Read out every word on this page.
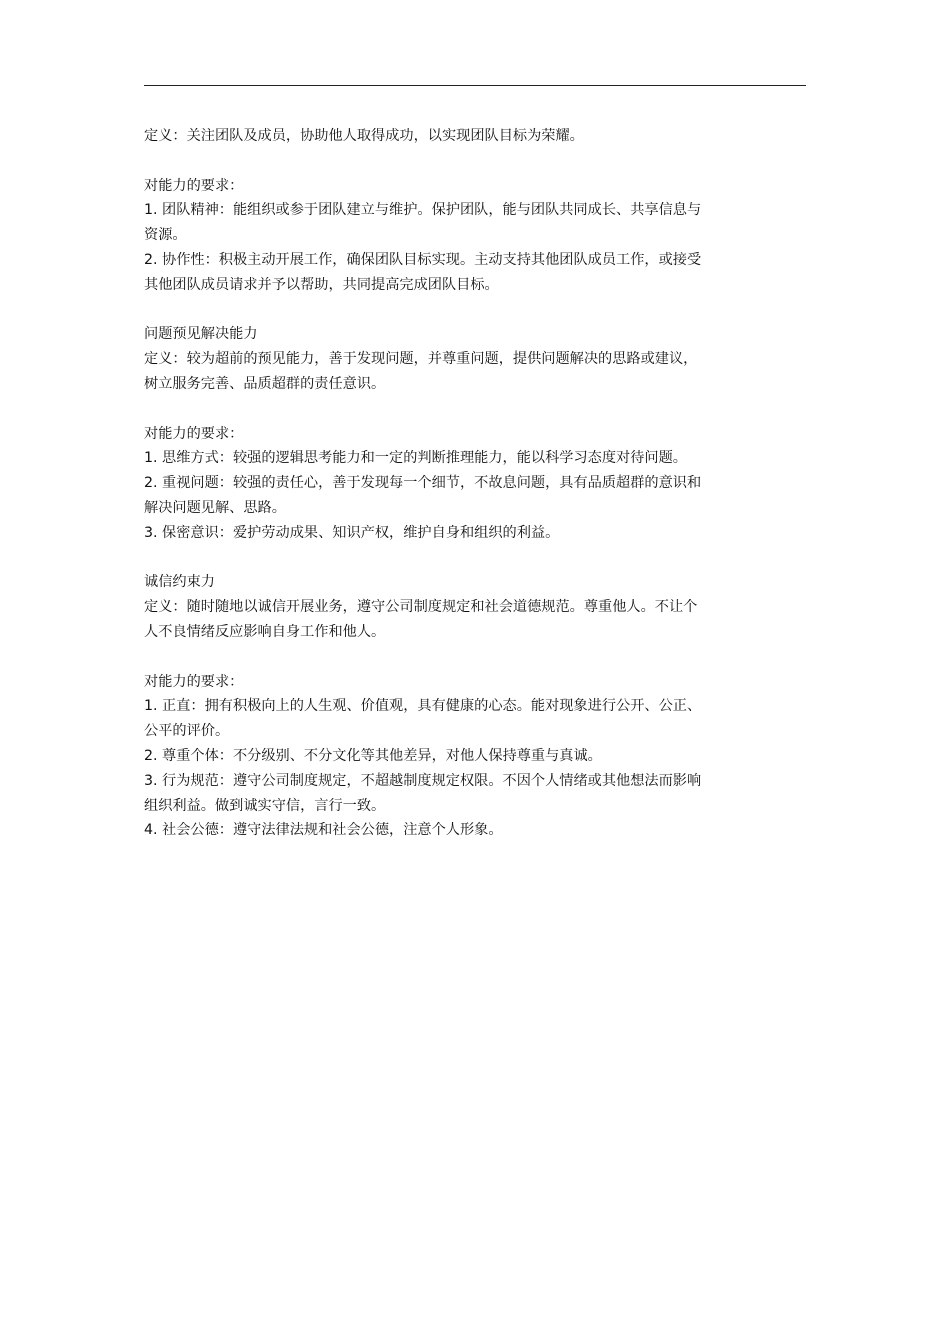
定义：关注团队及成员，协助他人取得成功，以实现团队目标为荣耀。
对能力的要求：
1. 团队精神：能组织或参于团队建立与维护。保护团队，能与团队共同成长、共享信息与
资源。
2. 协作性：积极主动开展工作，确保团队目标实现。主动支持其他团队成员工作，或接受
其他团队成员请求并予以帮助，共同提高完成团队目标。
问题预见解决能力
定义：较为超前的预见能力，善于发现问题，并尊重问题，提供问题解决的思路或建议，
树立服务完善、品质超群的责任意识。
对能力的要求：
1. 思维方式：较强的逻辑思考能力和一定的判断推理能力，能以科学习态度对待问题。
2. 重视问题：较强的责任心，善于发现每一个细节，不故息问题，具有品质超群的意识和
解决问题见解、思路。
3. 保密意识：爱护劳动成果、知识产权，维护自身和组织的利益。
诚信约束力
定义：随时随地以诚信开展业务，遵守公司制度规定和社会道德规范。尊重他人。不让个
人不良情绪反应影响自身工作和他人。
对能力的要求：
1. 正直：拥有积极向上的人生观、价值观，具有健康的心态。能对现象进行公开、公正、
公平的评价。
2. 尊重个体：不分级别、不分文化等其他差异，对他人保持尊重与真诚。
3. 行为规范：遵守公司制度规定，不超越制度规定权限。不因个人情绪或其他想法而影响
组织利益。做到诚实守信，言行一致。
4. 社会公德：遵守法律法规和社会公德，注意个人形象。
